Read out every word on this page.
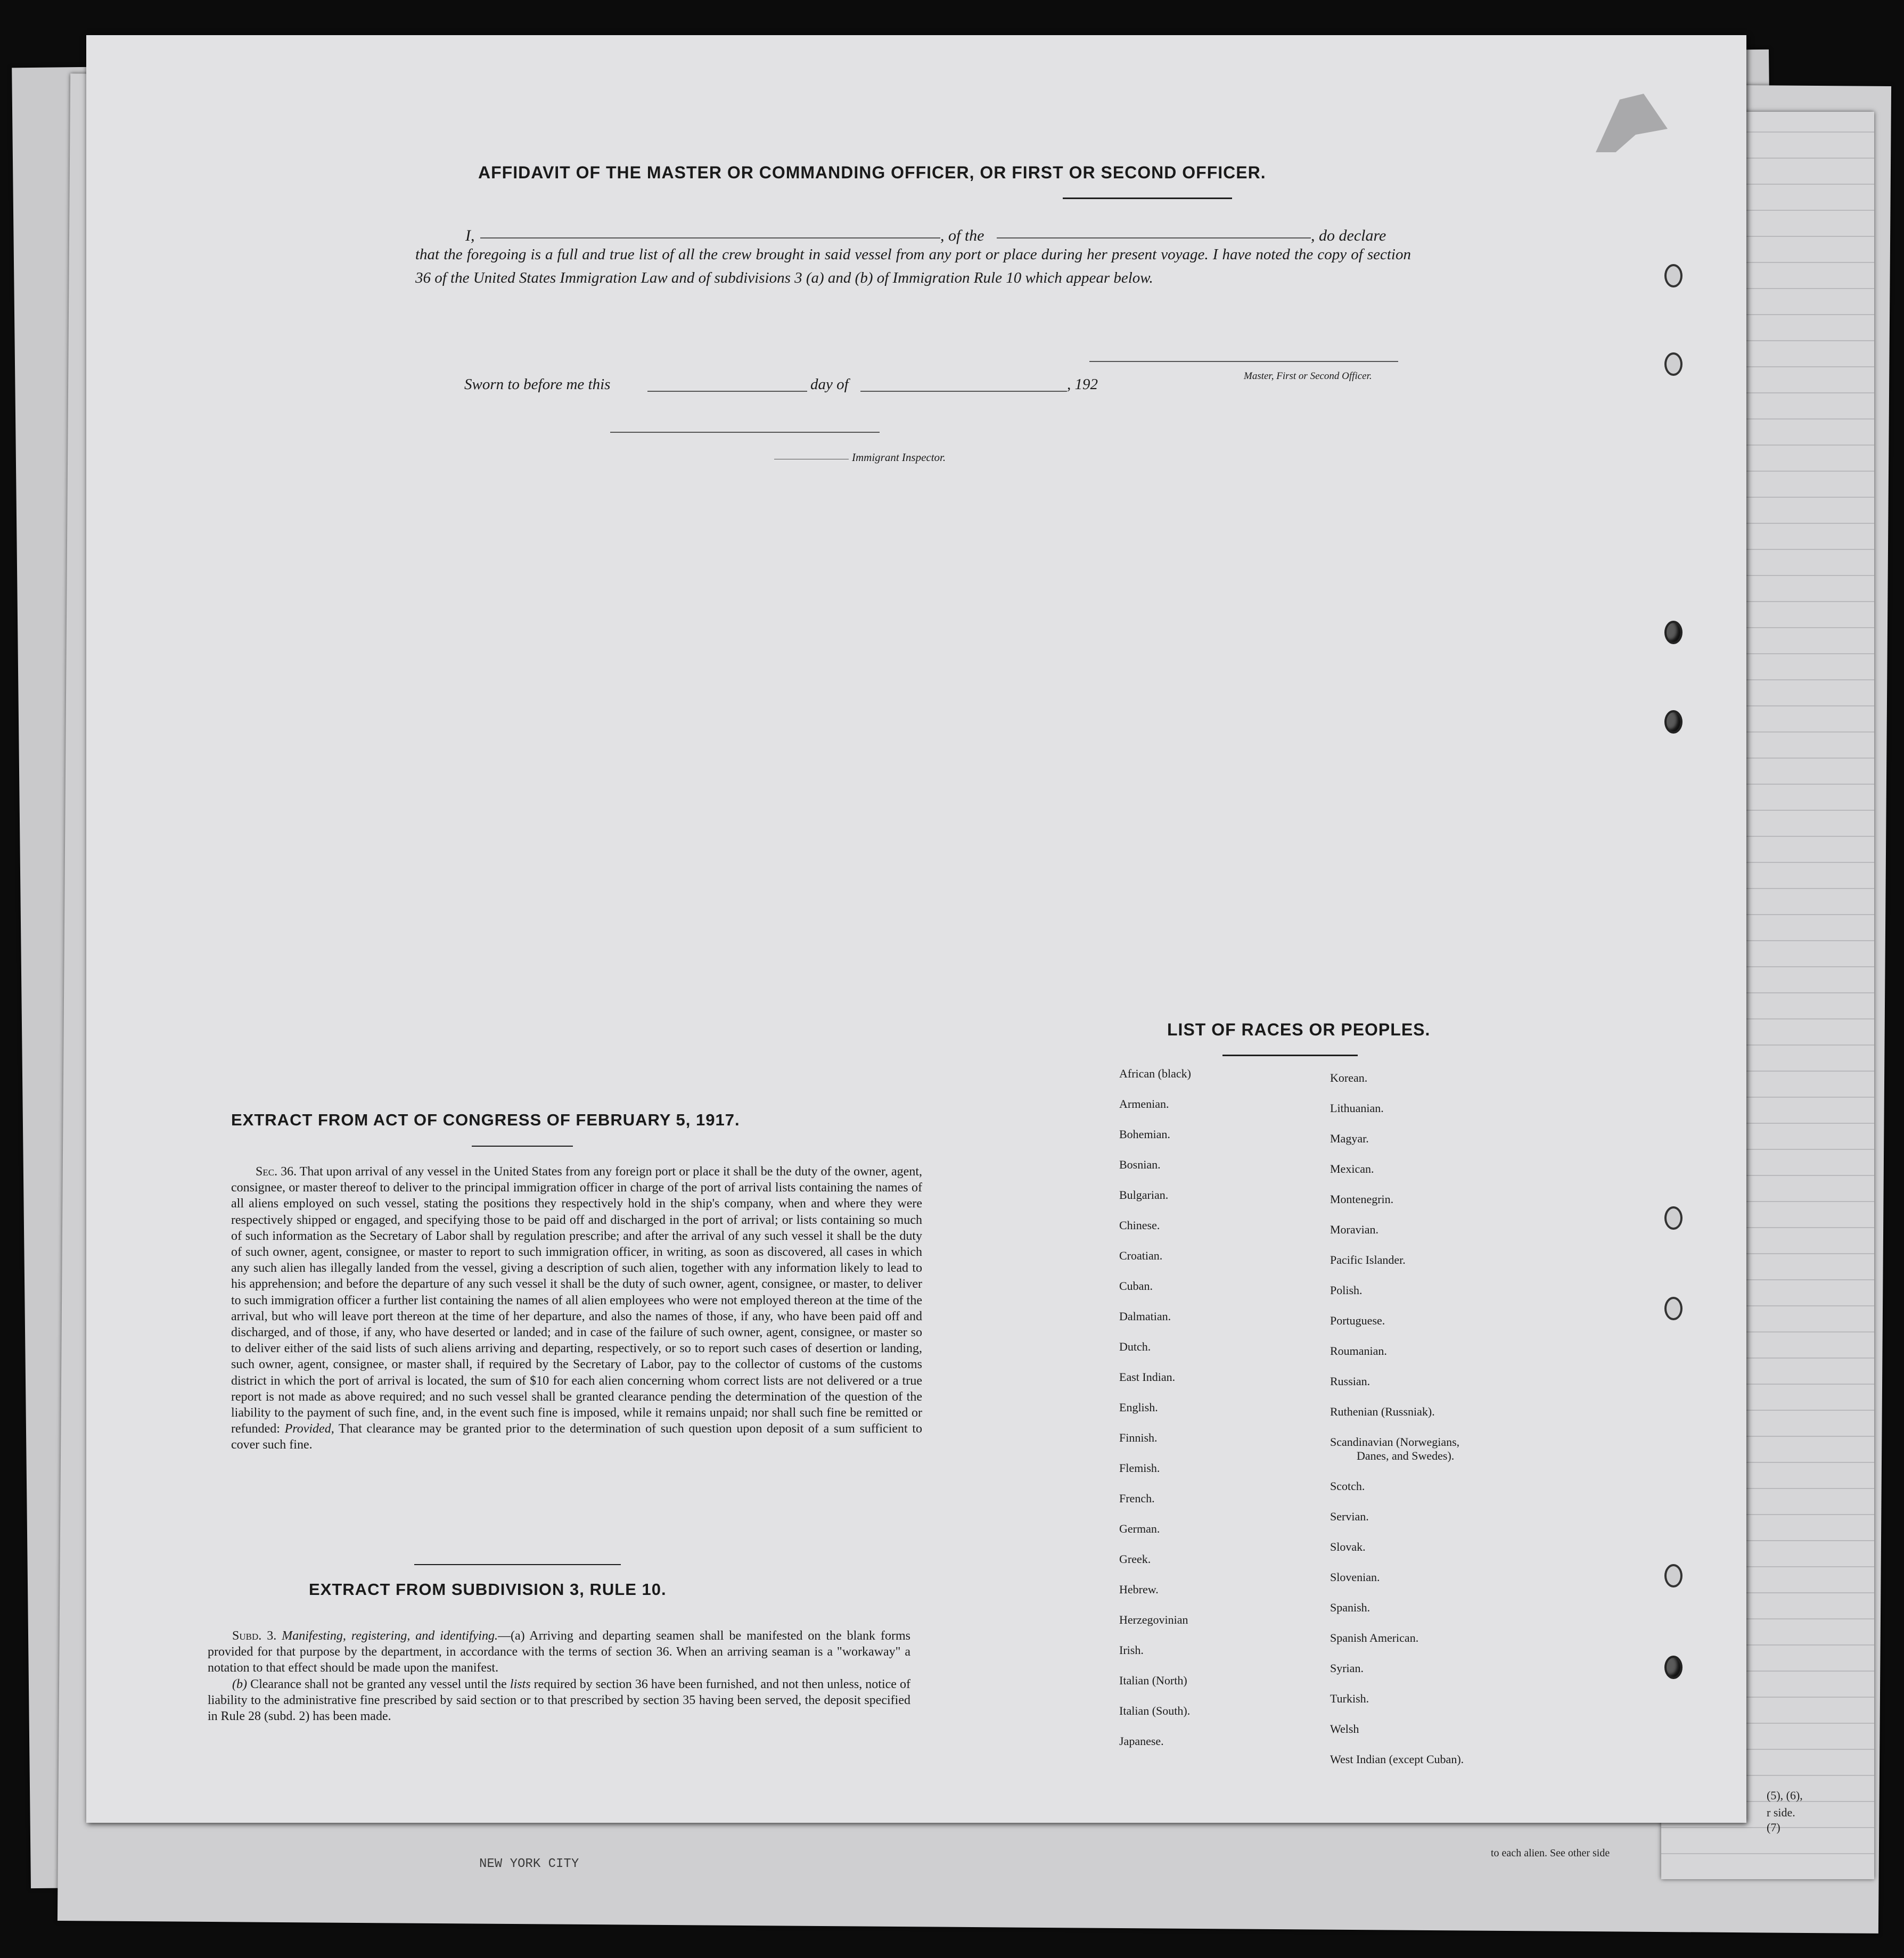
(5), (6),
r side.
(7)
to each alien. See other side
NEW YORK CITY
AFFIDAVIT OF THE MASTER OR COMMANDING OFFICER, OR FIRST OR SECOND OFFICER.
I,	, of the	, do declare
that the foregoing is a full and true list of all the crew brought in said vessel from any port or place during her present voyage. I have noted the copy of section 36 of the United States Immigration Law and of subdivisions 3 (a) and (b) of Immigration Rule 10 which appear below.
Master, First or Second Officer.
Sworn to before me this	day of	, 192
Immigrant Inspector.
EXTRACT FROM ACT OF CONGRESS OF FEBRUARY 5, 1917.

Sec. 36. That upon arrival of any vessel in the United States from any foreign port or place it shall be the duty of the owner, agent, consignee, or master thereof to deliver to the principal immigration officer in charge of the port of arrival lists containing the names of all aliens employed on such vessel, stating the positions they respectively hold in the ship's company, when and where they were respectively shipped or engaged, and specifying those to be paid off and discharged in the port of arrival; or lists containing so much of such information as the Secretary of Labor shall by regulation prescribe; and after the arrival of any such vessel it shall be the duty of such owner, agent, consignee, or master to report to such immigration officer, in writing, as soon as discovered, all cases in which any such alien has illegally landed from the vessel, giving a description of such alien, together with any information likely to lead to his apprehension; and before the departure of any such vessel it shall be the duty of such owner, agent, consignee, or master, to deliver to such immigration officer a further list containing the names of all alien employees who were not employed thereon at the time of the arrival, but who will leave port thereon at the time of her departure, and also the names of those, if any, who have been paid off and discharged, and of those, if any, who have deserted or landed; and in case of the failure of such owner, agent, consignee, or master so to deliver either of the said lists of such aliens arriving and departing, respectively, or so to report such cases of desertion or landing, such owner, agent, consignee, or master shall, if required by the Secretary of Labor, pay to the collector of customs of the customs district in which the port of arrival is located, the sum of $10 for each alien concerning whom correct lists are not delivered or a true report is not made as above required; and no such vessel shall be granted clearance pending the determination of the question of the liability to the payment of such fine, and, in the event such fine is imposed, while it remains unpaid; nor shall such fine be remitted or refunded: Provided, That clearance may be granted prior to the determination of such question upon deposit of a sum sufficient to cover such fine.

EXTRACT FROM SUBDIVISION 3, RULE 10.

Subd. 3. Manifesting, registering, and identifying.—(a) Arriving and departing seamen shall be manifested on the blank forms provided for that purpose by the department, in accordance with the terms of section 36. When an arriving seaman is a "workaway" a notation to that effect should be made upon the manifest.

(b) Clearance shall not be granted any vessel until the lists required by section 36 have been furnished, and not then unless, notice of liability to the administrative fine prescribed by said section or to that prescribed by section 35 having been served, the deposit specified in Rule 28 (subd. 2) has been made.

LIST OF RACES OR PEOPLES.
African (black)
Armenian.
Bohemian.
Bosnian.
Bulgarian.
Chinese.
Croatian.
Cuban.
Dalmatian.
Dutch.
East Indian.
English.
Finnish.
Flemish.
French.
German.
Greek.
Hebrew.
Herzegovinian
Irish.
Italian (North)
Italian (South).
Japanese.
Korean.
Lithuanian.
Magyar.
Mexican.
Montenegrin.
Moravian.
Pacific Islander.
Polish.
Portuguese.
Roumanian.
Russian.
Ruthenian (Russniak).
Scandinavian (Norwegians,
Danes, and Swedes).
Scotch.
Servian.
Slovak.
Slovenian.
Spanish.
Spanish American.
Syrian.
Turkish.
Welsh
West Indian (except Cuban).
